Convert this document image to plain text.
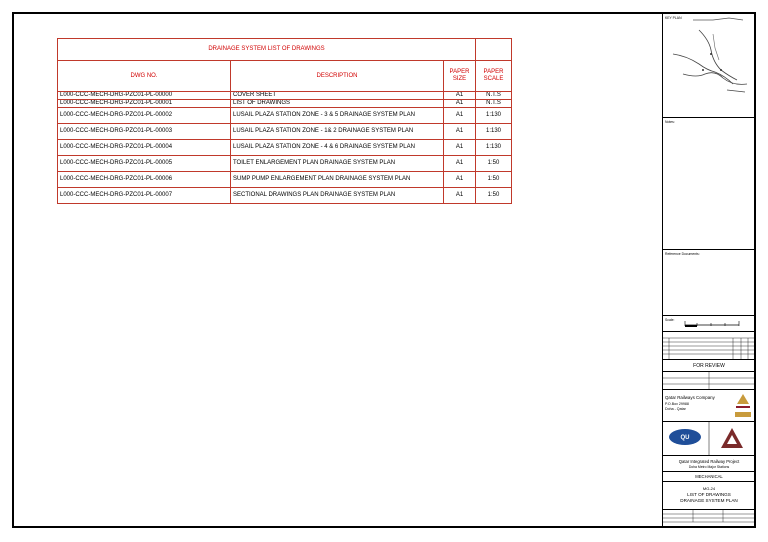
DRAINAGE SYSTEM LIST OF DRAWINGS			
DWG NO.	DESCRIPTION	PAPER SIZE	PAPER SCALE
L000-CCC-MECH-DRG-PZC01-PL-00000	COVER SHEET	A1	N.T.S
L000-CCC-MECH-DRG-PZC01-PL-00001	LIST OF DRAWINGS	A1	N.T.S
L000-CCC-MECH-DRG-PZC01-PL-00002	LUSAIL PLAZA STATION ZONE - 3 & 5 DRAINAGE SYSTEM PLAN	A1	1:130
L000-CCC-MECH-DRG-PZC01-PL-00003	LUSAIL PLAZA STATION ZONE - 1& 2 DRAINAGE SYSTEM PLAN	A1	1:130
L000-CCC-MECH-DRG-PZC01-PL-00004	LUSAIL PLAZA STATION ZONE - 4 & 6 DRAINAGE SYSTEM PLAN	A1	1:130
L000-CCC-MECH-DRG-PZC01-PL-00005	TOILET ENLARGEMENT PLAN DRAINAGE SYSTEM PLAN	A1	1:50
L000-CCC-MECH-DRG-PZC01-PL-00006	SUMP PUMP ENLARGEMENT PLAN DRAINAGE SYSTEM PLAN	A1	1:50
L000-CCC-MECH-DRG-PZC01-PL-00007	SECTIONAL DRAWINGS PLAN DRAINAGE SYSTEM PLAN	A1	1:50
KEY PLAN
Notes:
Reference Documents:
Scale:
FOR REVIEW
Qatar Railways Company
P.O.Box 29988
Doha - Qatar
QU
Qatar Integrated Railway Project
Doha Metro Major Stations
MECHANICAL
MG-24
LIST OF DRAWINGS
DRAINAGE SYSTEM PLAN
